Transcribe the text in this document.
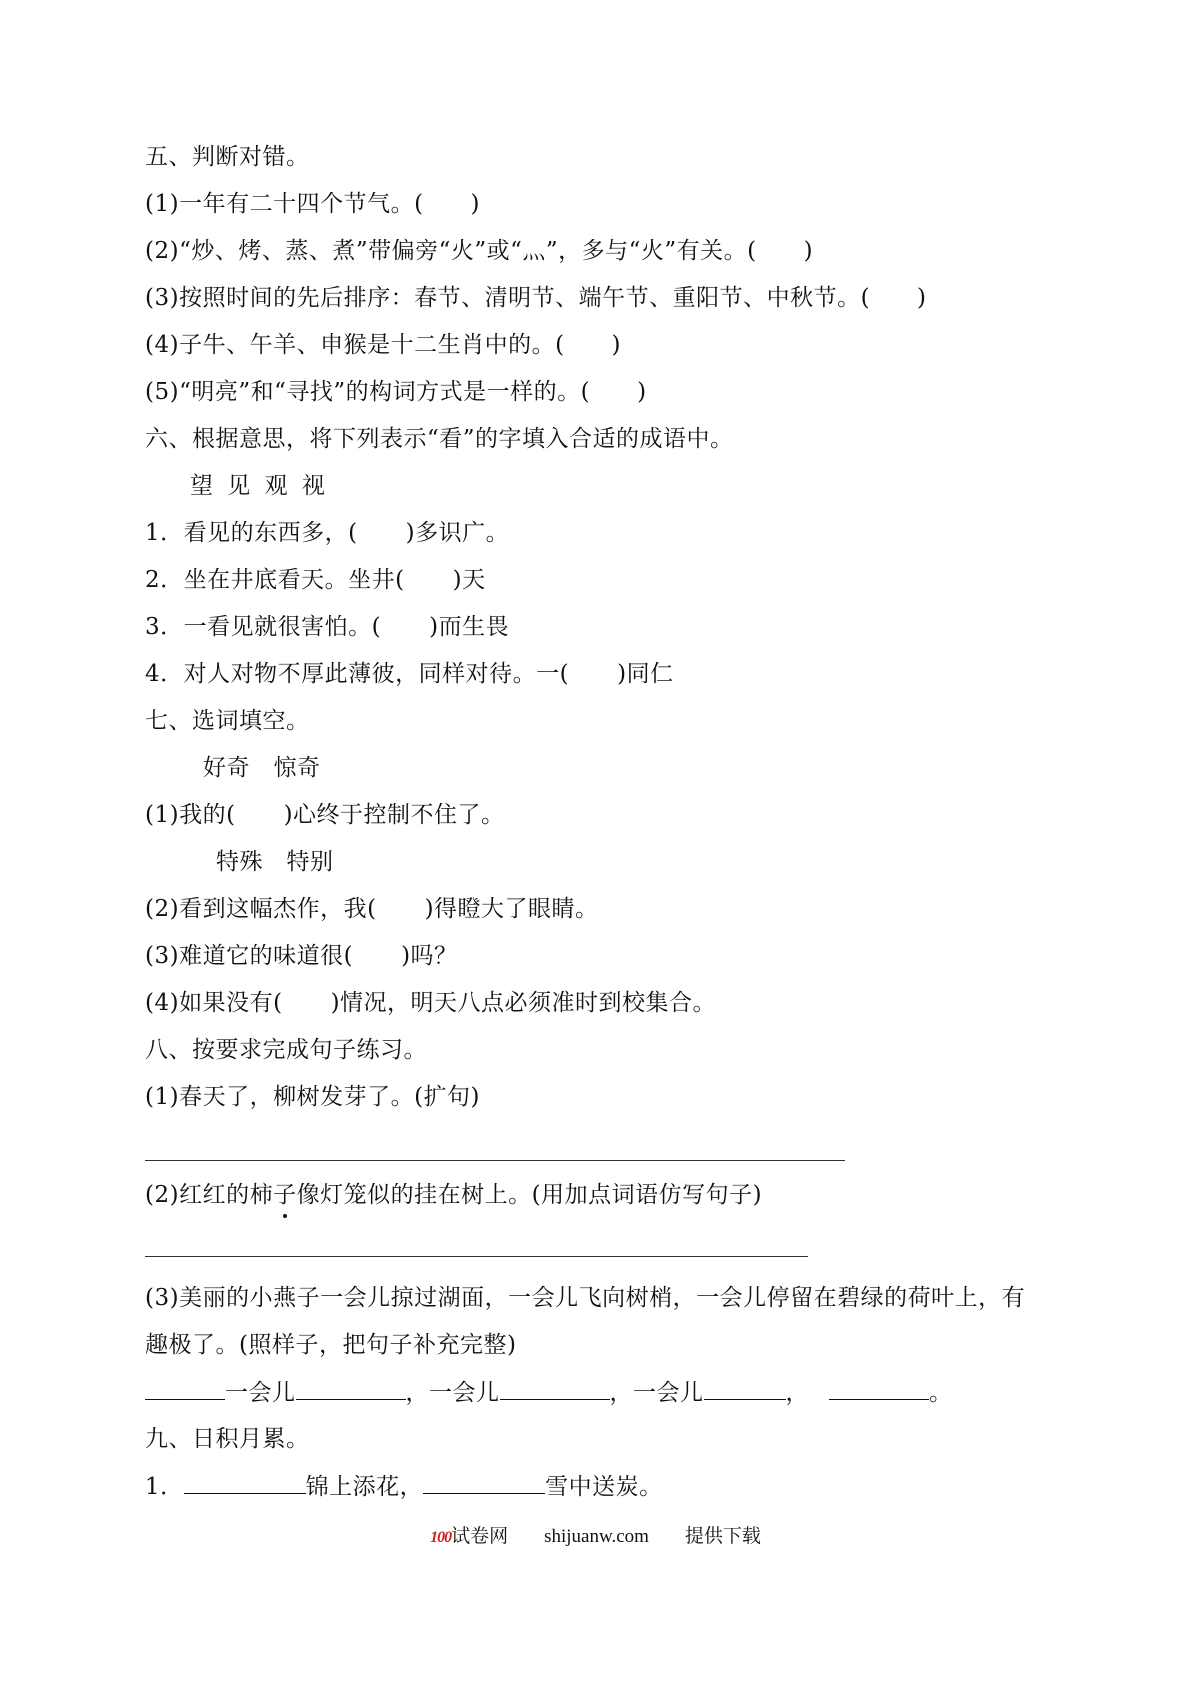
五、判断对错。
(1)一年有二十四个节气。(　　)
(2)“炒、烤、蒸、煮”带偏旁“火”或“灬”，多与“火”有关。(　　)
(3)按照时间的先后排序：春节、清明节、端午节、重阳节、中秋节。(　　)
(4)子牛、午羊、申猴是十二生肖中的。(　　)
(5)“明亮”和“寻找”的构词方式是一样的。(　　)
六、根据意思，将下列表示“看”的字填入合适的成语中。
望 见 观 视
1．看见的东西多，( )多识广。
2．坐在井底看天。坐井( )天
3．一看见就很害怕。( )而生畏
4．对人对物不厚此薄彼，同样对待。一( )同仁
七、选词填空。
好奇　惊奇
(1)我的( )心终于控制不住了。
特殊　特别
(2)看到这幅杰作，我( )得瞪大了眼睛。
(3)难道它的味道很( )吗？
(4)如果没有( )情况，明天八点必须准时到校集合。
八、按要求完成句子练习。
(1)春天了，柳树发芽了。(扩句)
(2)红红的柿子像灯笼似的挂在树上。(用加点词语仿写句子)
(3)美丽的小燕子一会儿掠过湖面，一会儿飞向树梢，一会儿停留在碧绿的荷叶上，有
趣极了。(照样子，把句子补充完整)
一会儿	，一会儿	，一会儿	，	。
九、日积月累。
1．	锦上添花，	雪中送炭。
100试卷网 shijuanw.com 提供下载
